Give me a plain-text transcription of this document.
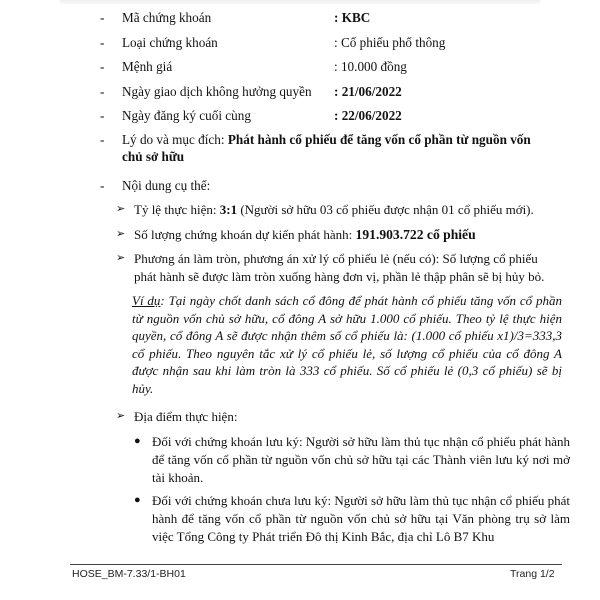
- Mã chứng khoán	: KBC
- Loại chứng khoán	: Cổ phiếu phổ thông
- Mệnh giá	: 10.000 đồng
- Ngày giao dịch không hưởng quyền : 21/06/2022
- Ngày đăng ký cuối cùng	: 22/06/2022
- Lý do và mục đích: Phát hành cổ phiếu để tăng vốn cổ phần từ nguồn vốn
chủ sở hữu
- Nội dung cụ thể:
➢ Tỷ lệ thực hiện: 3:1 (Người sở hữu 03 cổ phiếu được nhận 01 cổ phiếu mới).
➢ Số lượng chứng khoán dự kiến phát hành: 191.903.722 cổ phiếu
➢ Phương án làm tròn, phương án xử lý cổ phiếu lẻ (nếu có): Số lượng cổ phiếu
phát hành sẽ được làm tròn xuống hàng đơn vị, phần lẻ thập phân sẽ bị hủy bỏ.
Ví dụ: Tại ngày chốt danh sách cổ đông để phát hành cổ phiếu tăng vốn cổ phần từ nguồn vốn chủ sở hữu, cổ đông A sở hữu 1.000 cổ phiếu. Theo tỷ lệ thực hiện quyền, cổ đông A sẽ được nhận thêm số cổ phiếu là: (1.000 cổ phiếu x1)/3=333,3 cổ phiếu. Theo nguyên tắc xử lý cổ phiếu lẻ, số lượng cổ phiếu của cổ đông A được nhận sau khi làm tròn là 333 cổ phiếu. Số cổ phiếu lẻ (0,3 cổ phiếu) sẽ bị hủy.
➢ Địa điểm thực hiện:
● Đối với chứng khoán lưu ký: Người sở hữu làm thủ tục nhận cổ phiếu phát hành để tăng vốn cổ phần từ nguồn vốn chủ sở hữu tại các Thành viên lưu ký nơi mở tài khoản.
● Đối với chứng khoán chưa lưu ký: Người sở hữu làm thủ tục nhận cổ phiếu phát hành để tăng vốn cổ phần từ nguồn vốn chủ sở hữu tại Văn phòng trụ sở làm việc Tổng Công ty Phát triển Đô thị Kinh Bắc, địa chỉ Lô B7 Khu
HOSE_BM-7.33/1-BH01	Trang 1/2
